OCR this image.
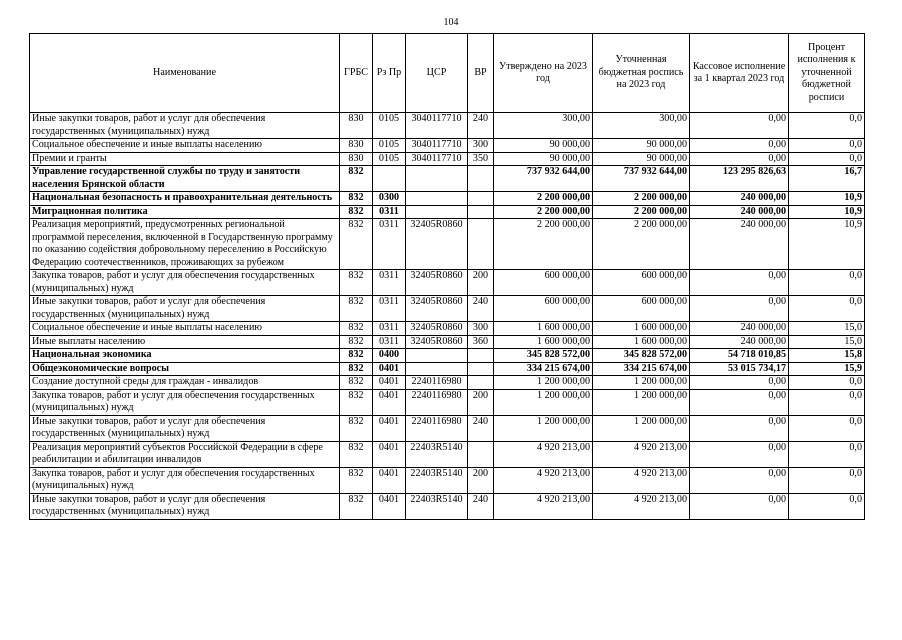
104
Наименование	ГРБС	Рз Пр	ЦСР	ВР	Утверждено на 2023 год	Уточненная бюджетная роспись на 2023 год	Кассовое исполнение за 1 квартал 2023 год	Процент исполнения к уточненной бюджетной росписи
Иные закупки товаров, работ и услуг для обеспечения государственных (муниципальных) нужд	830	0105	3040117710	240	300,00	300,00	0,00	0,0
Социальное обеспечение и иные выплаты населению	830	0105	3040117710	300	90 000,00	90 000,00	0,00	0,0
Премии и гранты	830	0105	3040117710	350	90 000,00	90 000,00	0,00	0,0
Управление государственной службы по труду и занятости населения Брянской области	832				737 932 644,00	737 932 644,00	123 295 826,63	16,7
Национальная безопасность и правоохранительная деятельность	832	0300			2 200 000,00	2 200 000,00	240 000,00	10,9
Миграционная политика	832	0311			2 200 000,00	2 200 000,00	240 000,00	10,9
Реализация мероприятий, предусмотренных региональной программой переселения, включенной в Государственную программу по оказанию содействия добровольному переселению в Российскую Федерацию соотечественников, проживающих за рубежом	832	0311	32405R0860		2 200 000,00	2 200 000,00	240 000,00	10,9
Закупка товаров, работ и услуг для обеспечения государственных (муниципальных) нужд	832	0311	32405R0860	200	600 000,00	600 000,00	0,00	0,0
Иные закупки товаров, работ и услуг для обеспечения государственных (муниципальных) нужд	832	0311	32405R0860	240	600 000,00	600 000,00	0,00	0,0
Социальное обеспечение и иные выплаты населению	832	0311	32405R0860	300	1 600 000,00	1 600 000,00	240 000,00	15,0
Иные выплаты населению	832	0311	32405R0860	360	1 600 000,00	1 600 000,00	240 000,00	15,0
Национальная экономика	832	0400			345 828 572,00	345 828 572,00	54 718 010,85	15,8
Общеэкономические вопросы	832	0401			334 215 674,00	334 215 674,00	53 015 734,17	15,9
Создание доступной среды для граждан - инвалидов	832	0401	2240116980		1 200 000,00	1 200 000,00	0,00	0,0
Закупка товаров, работ и услуг для обеспечения государственных (муниципальных) нужд	832	0401	2240116980	200	1 200 000,00	1 200 000,00	0,00	0,0
Иные закупки товаров, работ и услуг для обеспечения государственных (муниципальных) нужд	832	0401	2240116980	240	1 200 000,00	1 200 000,00	0,00	0,0
Реализация мероприятий субъектов Российской Федерации в сфере реабилитации и абилитации инвалидов	832	0401	22403R5140		4 920 213,00	4 920 213,00	0,00	0,0
Закупка товаров, работ и услуг для обеспечения государственных (муниципальных) нужд	832	0401	22403R5140	200	4 920 213,00	4 920 213,00	0,00	0,0
Иные закупки товаров, работ и услуг для обеспечения государственных (муниципальных) нужд	832	0401	22403R5140	240	4 920 213,00	4 920 213,00	0,00	0,0
